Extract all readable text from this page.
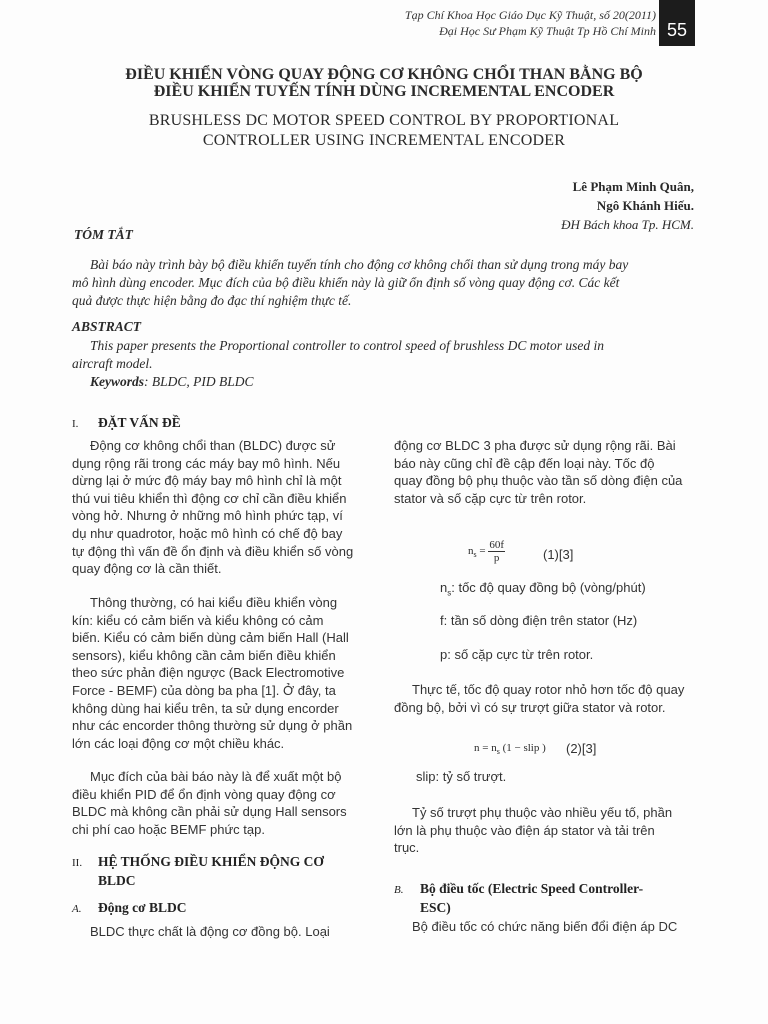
Tạp Chí Khoa Học Giáo Dục Kỹ Thuật, số 20(2011)
Đại Học Sư Phạm Kỹ Thuật Tp Hồ Chí Minh 55
ĐIỀU KHIỂN VÒNG QUAY ĐỘNG CƠ KHÔNG CHỔI THAN BẰNG BỘ
ĐIỀU KHIỂN TUYẾN TÍNH DÙNG INCREMENTAL ENCODER
BRUSHLESS DC MOTOR SPEED CONTROL BY PROPORTIONAL
CONTROLLER USING INCREMENTAL ENCODER
Lê Phạm Minh Quân,
Ngô Khánh Hiếu.
ĐH Bách khoa Tp. HCM.
TÓM TẮT
Bài báo này trình bày bộ điều khiển tuyến tính cho động cơ không chổi than sử dụng trong máy bay
mô hình dùng encoder. Mục đích của bộ điều khiển này là giữ ổn định số vòng quay động cơ. Các kết
quả được thực hiện bằng đo đạc thí nghiệm thực tế.
ABSTRACT
This paper presents the Proportional controller to control speed of brushless DC motor used in
aircraft model.
Keywords: BLDC, PID BLDC
I. ĐẶT VẤN ĐỀ
Động cơ không chổi than (BLDC) được sử
dụng rộng rãi trong các máy bay mô hình. Nếu
dừng lại ở mức độ máy bay mô hình chỉ là một
thú vui tiêu khiển thì động cơ chỉ cần điều khiển
vòng hở. Nhưng ở những mô hình phức tạp, ví
dụ như quadrotor, hoặc mô hình có chế độ bay
tự động thì vấn đề ổn định và điều khiển số vòng
quay động cơ là cần thiết.
Thông thường, có hai kiểu điều khiển vòng
kín: kiểu có cảm biến và kiểu không có cảm
biến. Kiểu có cảm biến dùng cảm biến Hall (Hall
sensors), kiểu không cần cảm biến điều khiển
theo sức phản điện ngược (Back Electromotive
Force - BEMF) của dòng ba pha [1]. Ở đây, ta
không dùng hai kiểu trên, ta sử dụng encorder
như các encorder thông thường sử dụng ở phần
lớn các loại động cơ một chiều khác.
Mục đích của bài báo này là để xuất một bộ
điều khiển PID để ổn định vòng quay động cơ
BLDC mà không cần phải sử dụng Hall sensors
chi phí cao hoặc BEMF phức tạp.
II. HỆ THỐNG ĐIỀU KHIỂN ĐỘNG CƠ
BLDC
A. Động cơ BLDC
BLDC thực chất là động cơ đồng bộ. Loại
động cơ BLDC 3 pha được sử dụng rộng rãi. Bài
báo này cũng chỉ đề cập đến loại này. Tốc độ
quay đồng bộ phụ thuộc vào tần số dòng điện của
stator và số cặp cực từ trên rotor.
$n_s = \frac{60f}{p}$	(1)[3]
$n_s$: tốc độ quay đồng bộ (vòng/phút)
f: tần số dòng điện trên stator (Hz)
p: số cặp cực từ trên rotor.
Thực tế, tốc độ quay rotor nhỏ hơn tốc độ quay
đồng bộ, bởi vì có sự trượt giữa stator và rotor.
$n = n_s$ (1 − slip ) (2)[3]
slip: tỷ số trượt.
Tỷ số trượt phụ thuộc vào nhiều yếu tố, phần
lớn là phụ thuộc vào điện áp stator và tải trên
trục.
B. Bộ điều tốc (Electric Speed Controller-
ESC)
Bộ điều tốc có chức năng biến đổi điện áp DC
